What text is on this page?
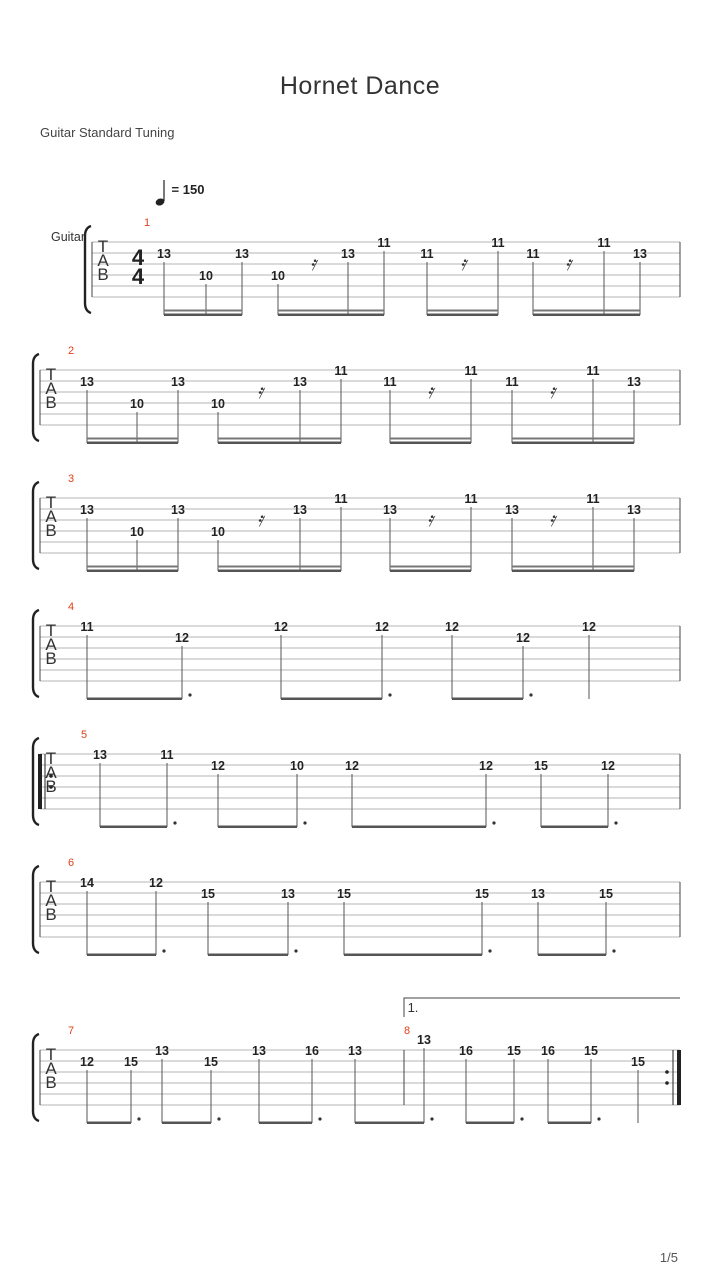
Hornet Dance
Guitar Standard Tuning
𝄿	𝄿	𝄿
T
A
B
1
13
10
13
10
13
11
11
11
11
11
13
𝄿	𝄿	𝄿
T
A
B
2
13
10
13
10
13
11
11
11
11
11
13
𝄿	𝄿	𝄿
T
A
B
3
13
10
13
10
13
11
13
11
13
11
13
T
A
B
4
11
12
12	12	12
12
12
T
A
B
5
13	11
12	10	12	12	15	12
T
A
B
6
14	12
15	13	15	15	13	15
T
A
B
7	8
1.
12 15
13
15
13	16 13
13
16	15 16 15
15
= 150
Guitar
4
4
1/5
